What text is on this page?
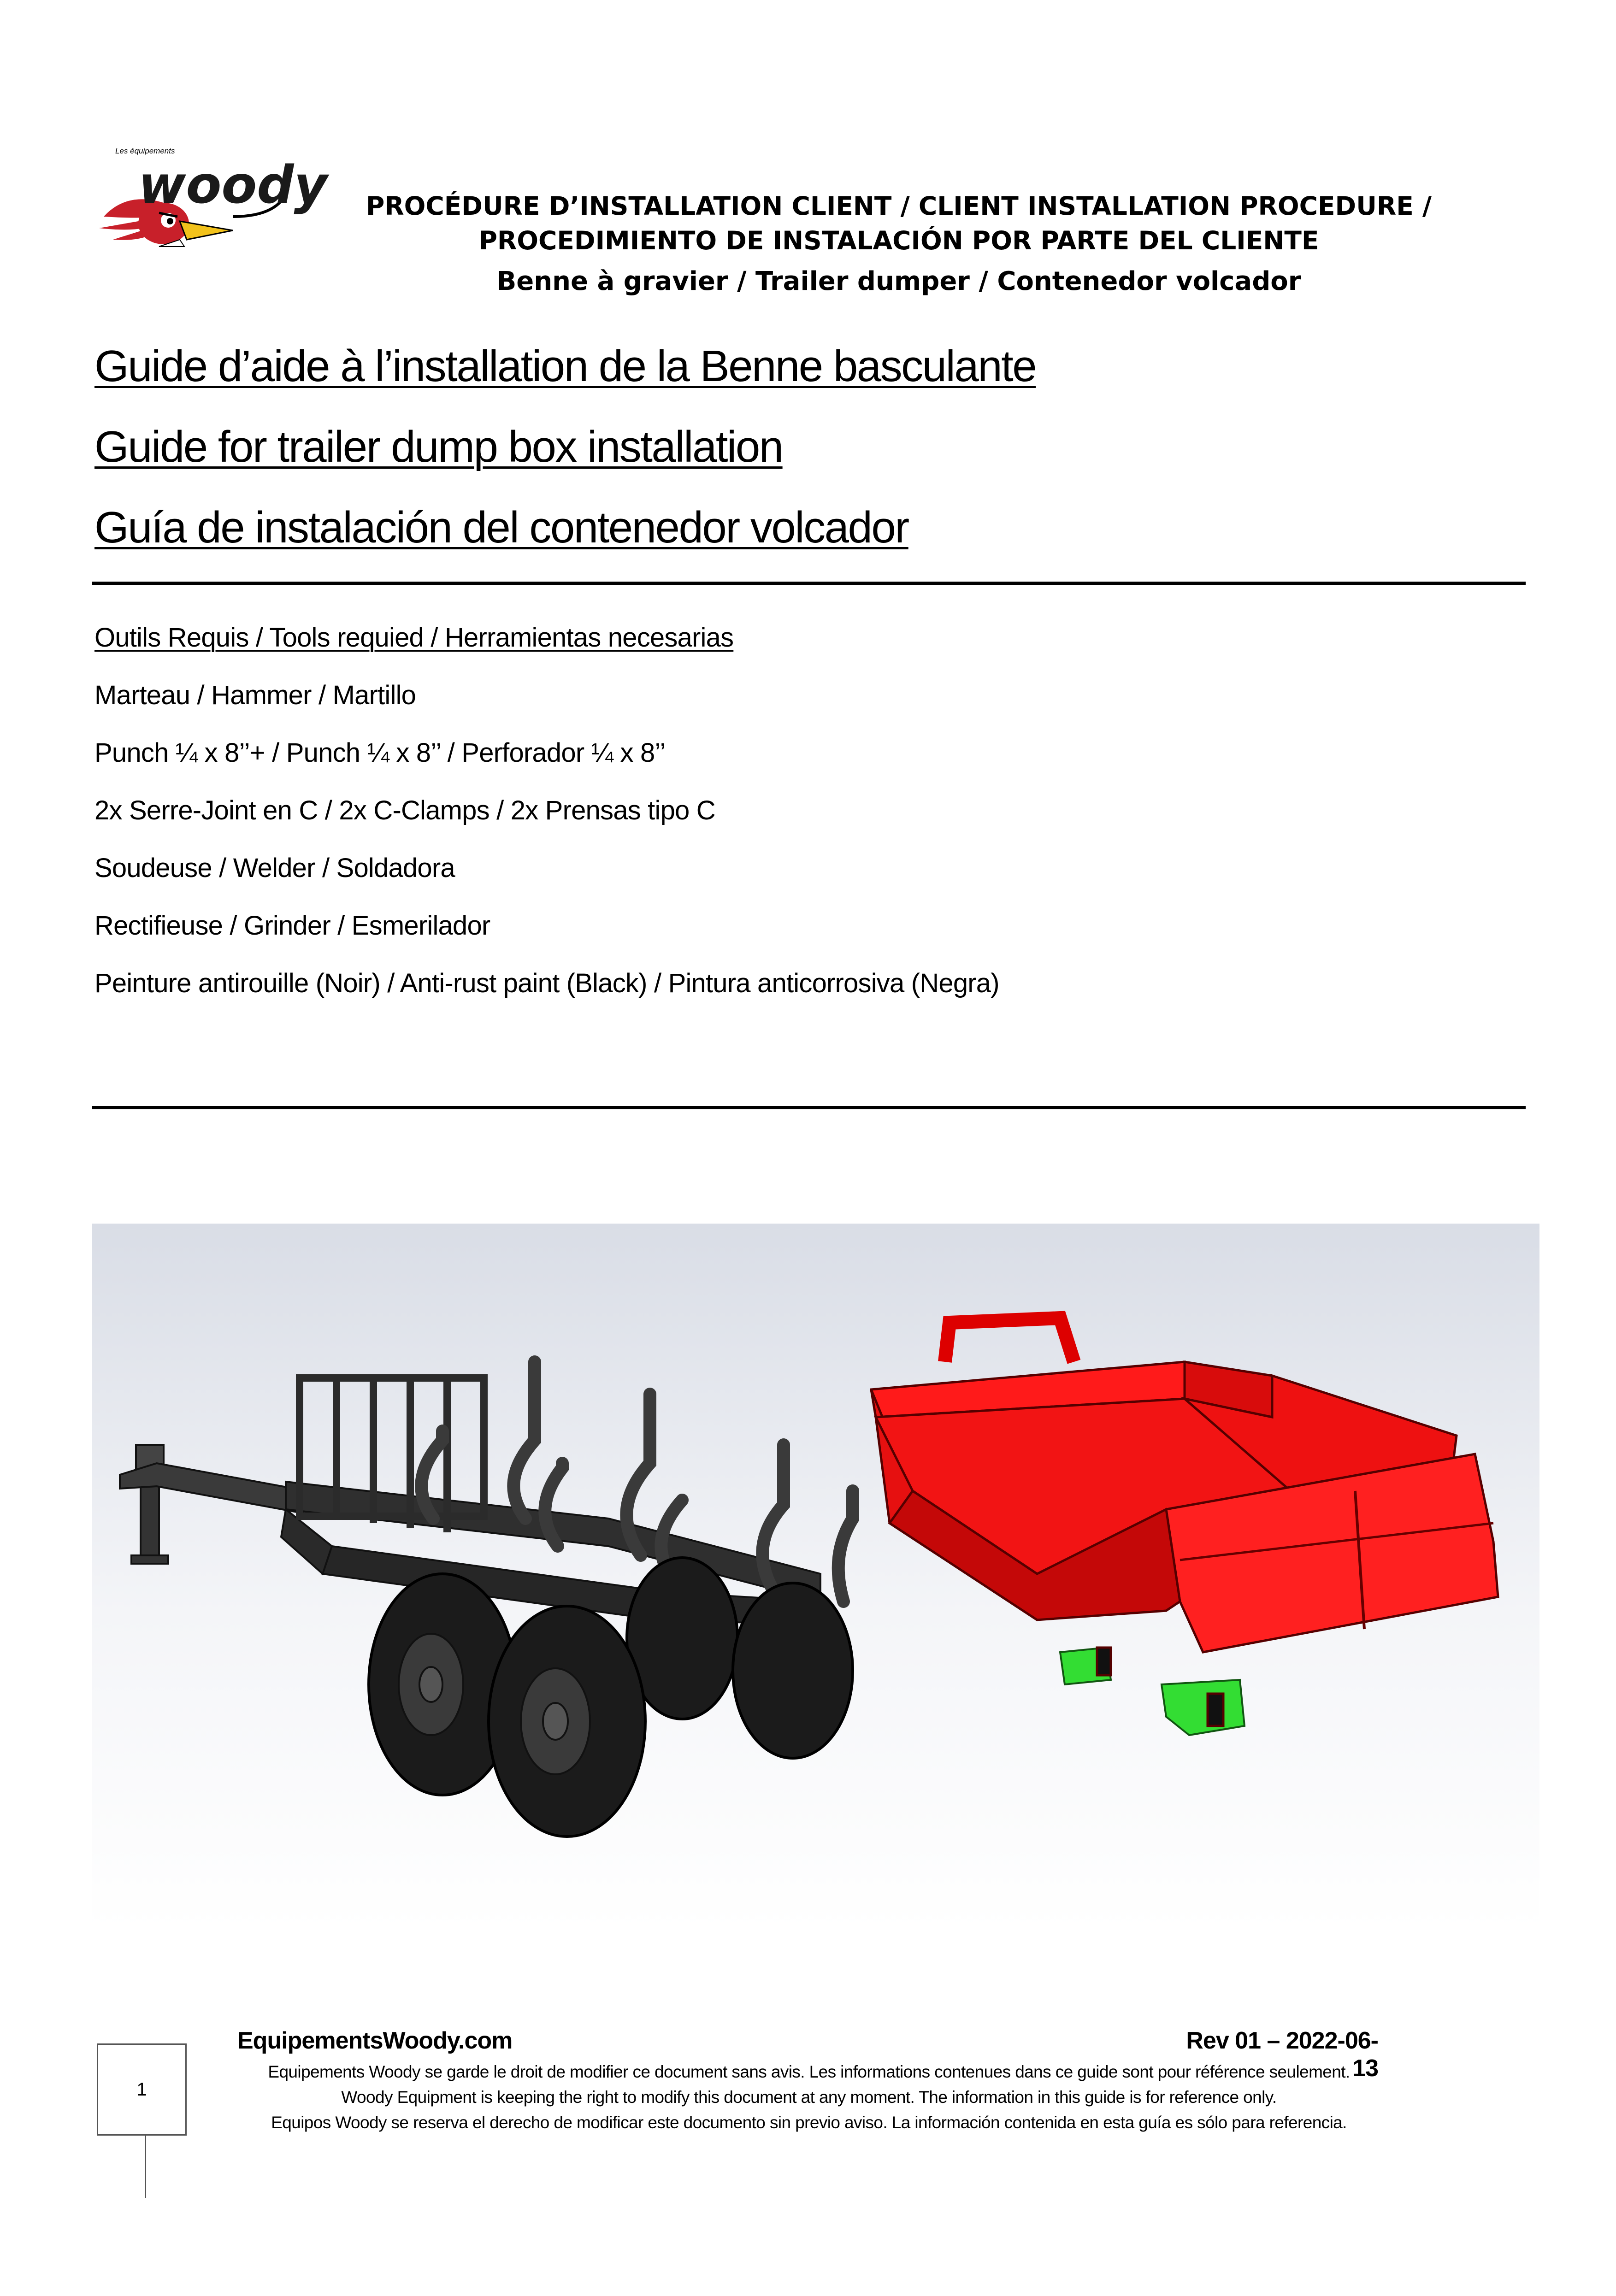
Les équipements
woody	PROCÉDURE D’INSTALLATION CLIENT / CLIENT INSTALLATION PROCEDURE /
PROCEDIMIENTO DE INSTALACIÓN POR PARTE DEL CLIENTE
Benne à gravier / Trailer dumper / Contenedor volcador
Guide d’aide à l’installation de la Benne basculante
Guide for trailer dump box installation
Guía de instalación del contenedor volcador
Outils Requis / Tools requied / Herramientas necesarias
Marteau / Hammer / Martillo
Punch ¼ x 8’’+ / Punch ¼ x 8’’ / Perforador ¼ x 8’’
2x Serre-Joint en C / 2x C-Clamps / 2x Prensas tipo C
Soudeuse / Welder / Soldadora
Rectifieuse / Grinder / Esmerilador
Peinture antirouille (Noir) / Anti-rust paint (Black) / Pintura anticorrosiva (Negra)
1
EquipementsWoody.com	Rev 01 – 2022-06-13
Equipements Woody se garde le droit de modifier ce document sans avis. Les informations contenues dans ce guide sont pour référence seulement.
Woody Equipment is keeping the right to modify this document at any moment. The information in this guide is for reference only.
Equipos Woody se reserva el derecho de modificar este documento sin previo aviso. La información contenida en esta guía es sólo para referencia.
